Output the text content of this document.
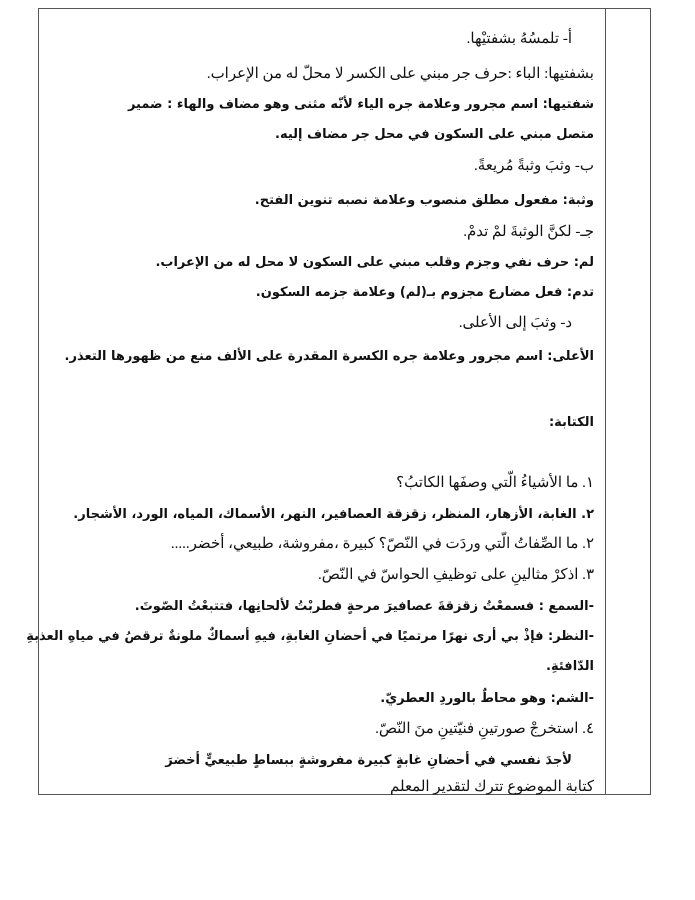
أ- تلمسُهُ بشفتيْها.
بشفتيها: الباء :حرف جر مبني على الكسر لا محلّ له من الإعراب.
شفتيها: اسم مجرور وعلامة جره الياء لأنّه مثنى وهو مضاف والهاء : ضمير
متصل مبني على السكون في محل جر مضاف إليه.
ب- وثبَ وثبةً مُريعةً.
وثبة: مفعول مطلق منصوب وعلامة نصبه تنوين الفتح.
جـ- لكنَّ الوثبةَ لمْ تدمْ.
لم: حرف نفي وجزم وقلب مبني على السكون لا محل له من الإعراب.
تدم: فعل مضارع مجزوم بـ(لم) وعلامة جزمه السكون.
د- وثبَ إلى الأعلى.
الأعلى: اسم مجرور وعلامة جره الكسرة المقدرة على الألف منع من ظهورها التعذر.
الكتابة:
١. ما الأشياءُ الّتي وصفَها الكاتبُ؟
٢. الغابة، الأزهار، المنظر، زقزقة العصافير، النهر، الأسماك، المياه، الورد، الأشجار.
٢. ما الصِّفاتُ الّتي وردَت في النّصّ؟ كبيرة ،مفروشة، طبيعي، أخضر.....
٣. اذكرْ مثالينِ على توظيفِ الحواسّ في النّصّ.
-السمع : فسمعْتُ زقزقةَ عصافيرَ مرحةٍ فطربْتُ لألحانِها، فتتبعْتُ الصّوتَ.
-النظر: فإذْ بي أرى نهرًا مرتميًا في أحضانِ الغابةِ، فيهِ أسماكٌ ملونةٌ ترقصُ في مياهِ العذبةِ
الدّافئةِ.
-الشم: وهو محاطٌ بالوردِ العطريّ.
٤. استخرجْ صورتينِ فنيّتينِ منَ النّصّ.
لأجدَ نفسي في أحضانِ غابةٍ كبيرة مفروشةٍ ببساطٍ طبيعيٍّ أخضرَ
كتابة الموضوع تترك لتقدير المعلم
